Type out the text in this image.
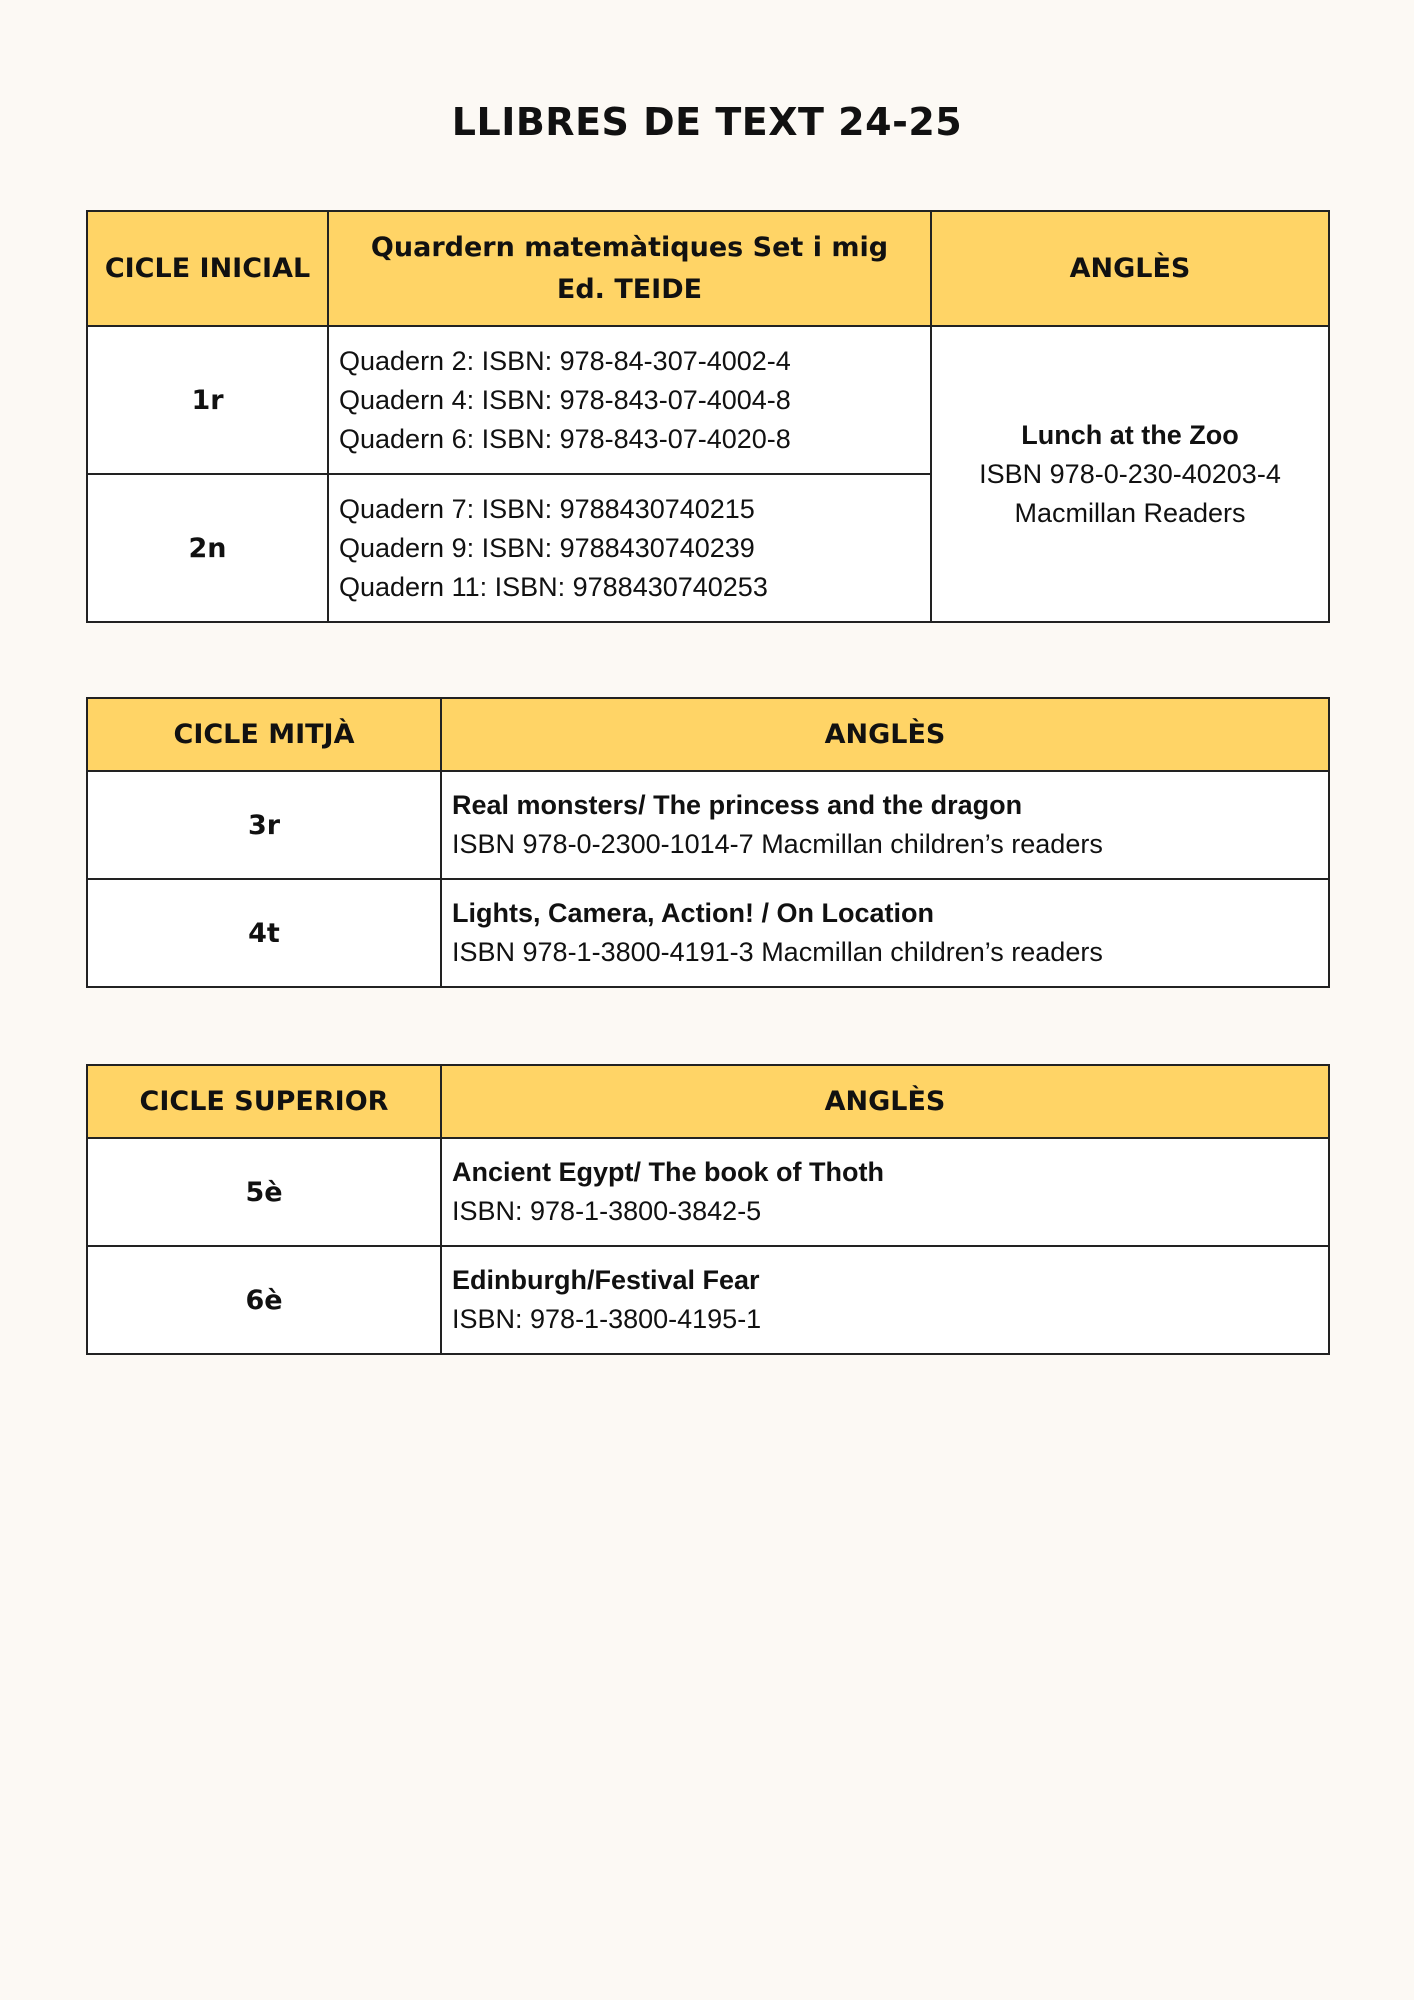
LLIBRES DE TEXT 24-25
CICLE INICIAL	Quardern matemàtiques Set i mig
Ed. TEIDE	ANGLÈS
1r	Quadern 2: ISBN: 978-84-307-4002-4
Quadern 4: ISBN: 978-843-07-4004-8
Quadern 6: ISBN: 978-843-07-4020-8	Lunch at the Zoo
ISBN 978-0-230-40203-4
Macmillan Readers

2n	Quadern 7: ISBN: 9788430740215
Quadern 9: ISBN: 9788430740239
Quadern 11: ISBN: 9788430740253	
CICLE MITJÀ	ANGLÈS
3r	Real monsters/ The princess and the dragon
ISBN 978-0-2300-1014-7 Macmillan children’s readers

4t	Lights, Camera, Action! / On Location
ISBN 978-1-3800-4191-3 Macmillan children’s readers
CICLE SUPERIOR	ANGLÈS
5è	Ancient Egypt/ The book of Thoth
ISBN: 978-1-3800-3842-5

6è	Edinburgh/Festival Fear
ISBN: 978-1-3800-4195-1
